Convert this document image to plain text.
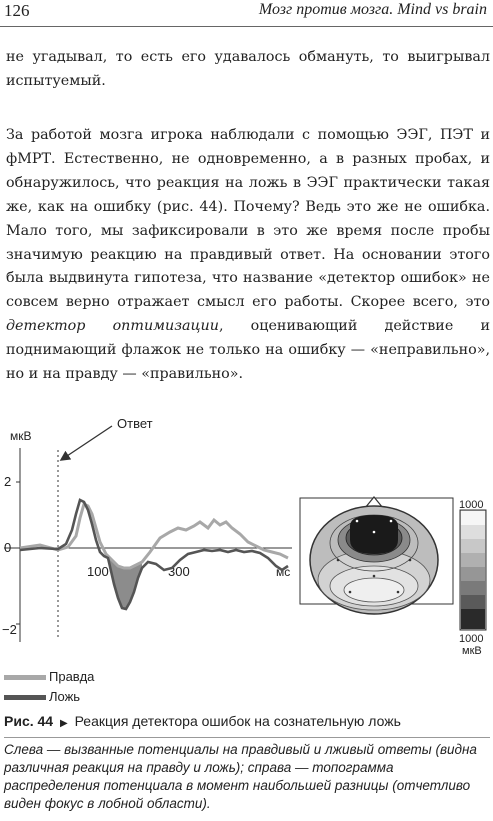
126	Мозг против мозга. Mind vs brain

не угадывал, то есть его удавалось обмануть, то выигрывал испытуемый.

За работой мозга игрока наблюдали с помощью ЭЭГ, ПЭТ и фМРТ. Естественно, не одновременно, а в разных пробах, и обнаружилось, что реакция на ложь в ЭЭГ практически такая же, как на ошибку (рис. 44). Почему? Ведь это же не ошибка. Мало того, мы зафиксировали в это же время после пробы значимую реакцию на правдивый ответ. На основании этого была выдвинута гипотеза, что название «детектор ошибок» не совсем верно отражает смысл его работы. Скорее всего, это детектор оптимизации, оценивающий действие и поднимающий флажок не только на ошибку — «неправильно», но и на правду — «правильно».

мкВ
2
0
−2
100	300	мс
Ответ
1000
1000
мкВ
Правда
Ложь
Рис. 44 ▶ Реакция детектора ошибок на сознательную ложь

Слева — вызванные потенциалы на правдивый и лживый ответы (видна различная реакция на правду и ложь); справа — топограмма распределения потенциала в момент наибольшей разницы (отчетливо виден фокус в лобной области).
